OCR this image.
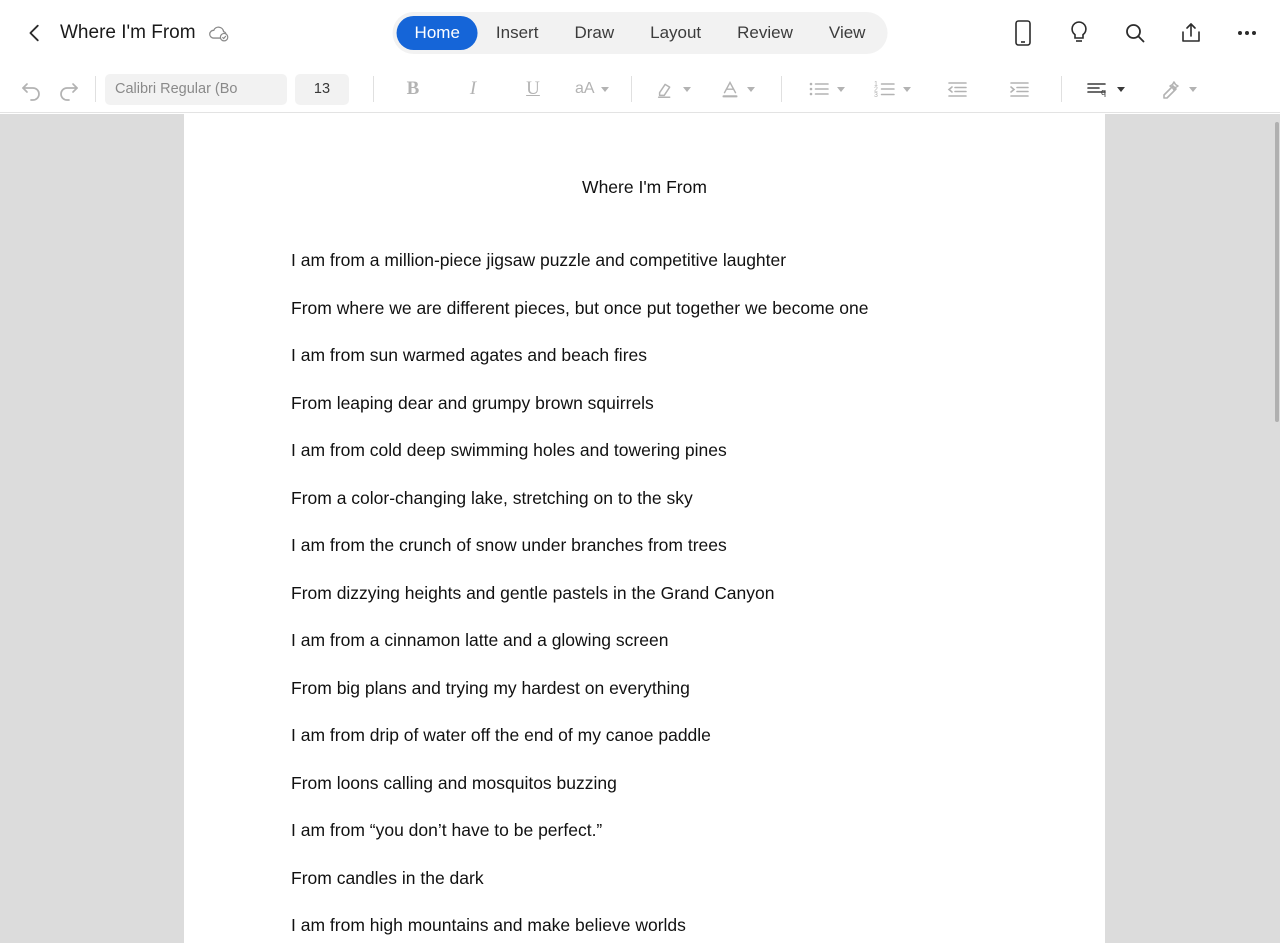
Where I'm From	Home	Insert	Draw	Layout	Review	View
Calibri Regular (Bo	13	B	I	U	aA	1
2
3	q
Where I'm From
I am from a million-piece jigsaw puzzle and competitive laughter
From where we are different pieces, but once put together we become one
I am from sun warmed agates and beach fires
From leaping dear and grumpy brown squirrels
I am from cold deep swimming holes and towering pines
From a color-changing lake, stretching on to the sky
I am from the crunch of snow under branches from trees
From dizzying heights and gentle pastels in the Grand Canyon
I am from a cinnamon latte and a glowing screen
From big plans and trying my hardest on everything
I am from drip of water off the end of my canoe paddle
From loons calling and mosquitos buzzing
I am from “you don’t have to be perfect.”
From candles in the dark
I am from high mountains and make believe worlds
